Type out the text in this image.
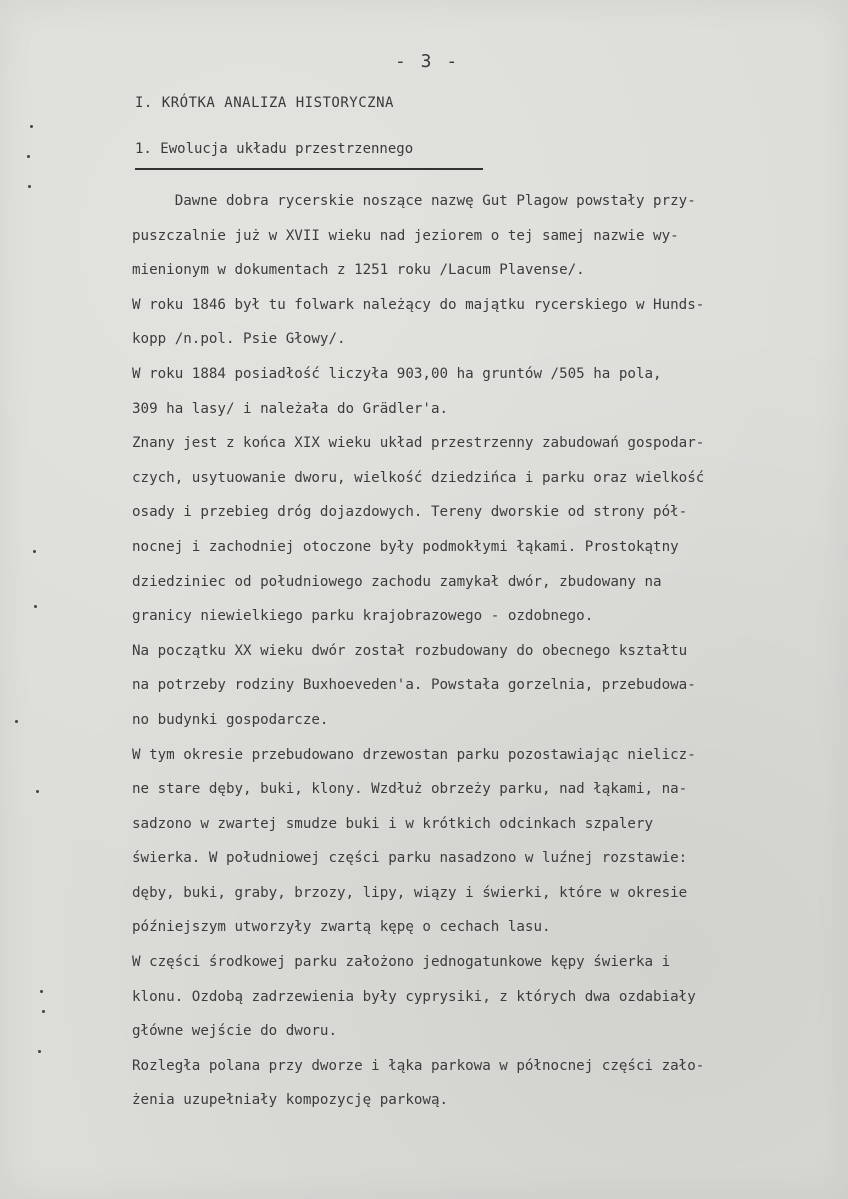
- 3 -
I. KRÓTKA ANALIZA HISTORYCZNA
1. Ewolucja układu przestrzennego
Dawne dobra rycerskie noszące nazwę Gut Plagow powstały przy-
puszczalnie już w XVII wieku nad jeziorem o tej samej nazwie wy-
mienionym w dokumentach z 1251 roku /Lacum Plavense/.
W roku 1846 był tu folwark należący do majątku rycerskiego w Hunds-
kopp /n.pol. Psie Głowy/.
W roku 1884 posiadłość liczyła 903,00 ha gruntów /505 ha pola,
309 ha lasy/ i należała do Grädler'a.
Znany jest z końca XIX wieku układ przestrzenny zabudowań gospodar-
czych, usytuowanie dworu, wielkość dziedzińca i parku oraz wielkość
osady i przebieg dróg dojazdowych. Tereny dworskie od strony pół-
nocnej i zachodniej otoczone były podmokłymi łąkami. Prostokątny
dziedziniec od południowego zachodu zamykał dwór, zbudowany na
granicy niewielkiego parku krajobrazowego - ozdobnego.
Na początku XX wieku dwór został rozbudowany do obecnego kształtu
na potrzeby rodziny Buxhoeveden'a. Powstała gorzelnia, przebudowa-
no budynki gospodarcze.
W tym okresie przebudowano drzewostan parku pozostawiając nielicz-
ne stare dęby, buki, klony. Wzdłuż obrzeży parku, nad łąkami, na-
sadzono w zwartej smudze buki i w krótkich odcinkach szpalery
świerka. W południowej części parku nasadzono w luźnej rozstawie:
dęby, buki, graby, brzozy, lipy, wiązy i świerki, które w okresie
późniejszym utworzyły zwartą kępę o cechach lasu.
W części środkowej parku założono jednogatunkowe kępy świerka i
klonu. Ozdobą zadrzewienia były cyprysiki, z których dwa ozdabiały
główne wejście do dworu.
Rozległa polana przy dworze i łąka parkowa w północnej części zało-
żenia uzupełniały kompozycję parkową.
